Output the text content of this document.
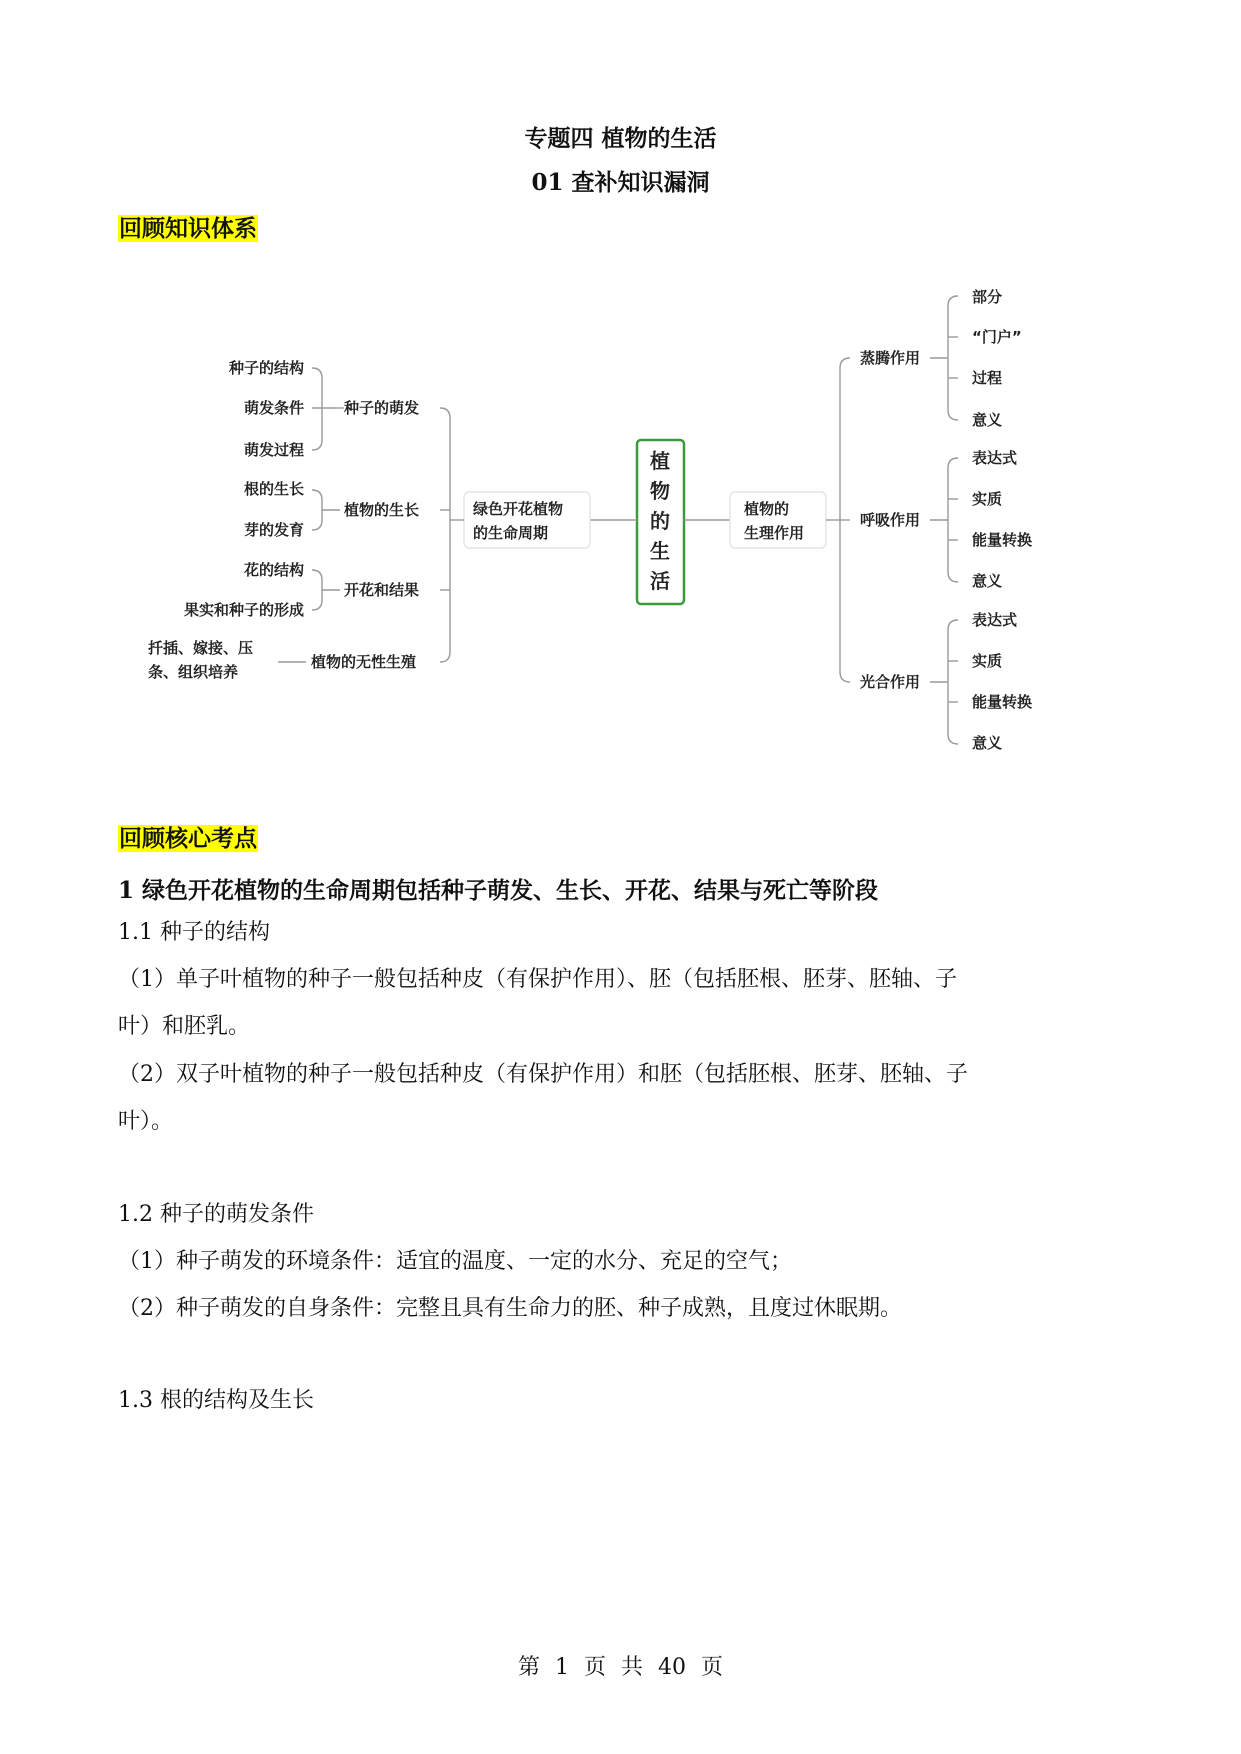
专题四 植物的生活
01 查补知识漏洞
回顾知识体系
植
物
的
生
活
绿色开花植物
的生命周期
植物的
生理作用
种子的萌发
植物的生长
开花和结果
植物的无性生殖
种子的结构
萌发条件
萌发过程
根的生长
芽的发育
花的结构
果实和种子的形成
扦插、嫁接、压
条、组织培养
蒸腾作用
呼吸作用
光合作用
部分
“门户”
过程
意义
表达式
实质
能量转换
意义
表达式
实质
能量转换
意义
回顾核心考点
1 绿色开花植物的生命周期包括种子萌发、生长、开花、结果与死亡等阶段
1.1 种子的结构
（1）单子叶植物的种子一般包括种皮（有保护作用）、胚（包括胚根、胚芽、胚轴、子
叶）和胚乳。
（2）双子叶植物的种子一般包括种皮（有保护作用）和胚（包括胚根、胚芽、胚轴、子
叶）。
1.2 种子的萌发条件
（1）种子萌发的环境条件：适宜的温度、一定的水分、充足的空气；
（2）种子萌发的自身条件：完整且具有生命力的胚、种子成熟，且度过休眠期。
1.3 根的结构及生长
第 1 页 共 40 页
